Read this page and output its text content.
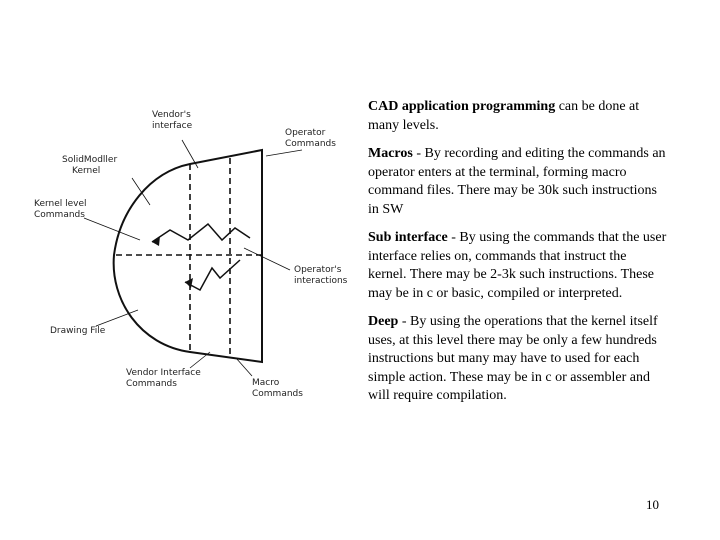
Vendor's interface
Operator Commands
SolidModller Kernel
Kernel level Commands
Operator's interactions
Drawing File
Vendor Interface Commands	Macro Commands

CAD application programming can be done at many levels.

Macros - By recording and editing the commands an operator enters at the terminal, forming macro command files. There may be 30k such instructions in SW

Sub interface - By using the commands that the user interface relies on, commands that instruct the kernel. There may be 2-3k such instructions. These may be in c or basic, compiled or interpreted.

Deep - By using the operations that the kernel itself uses, at this level there may be only a few hundreds instructions but many may have to used for each simple action. These may be in c or assembler and will require compilation.

10
